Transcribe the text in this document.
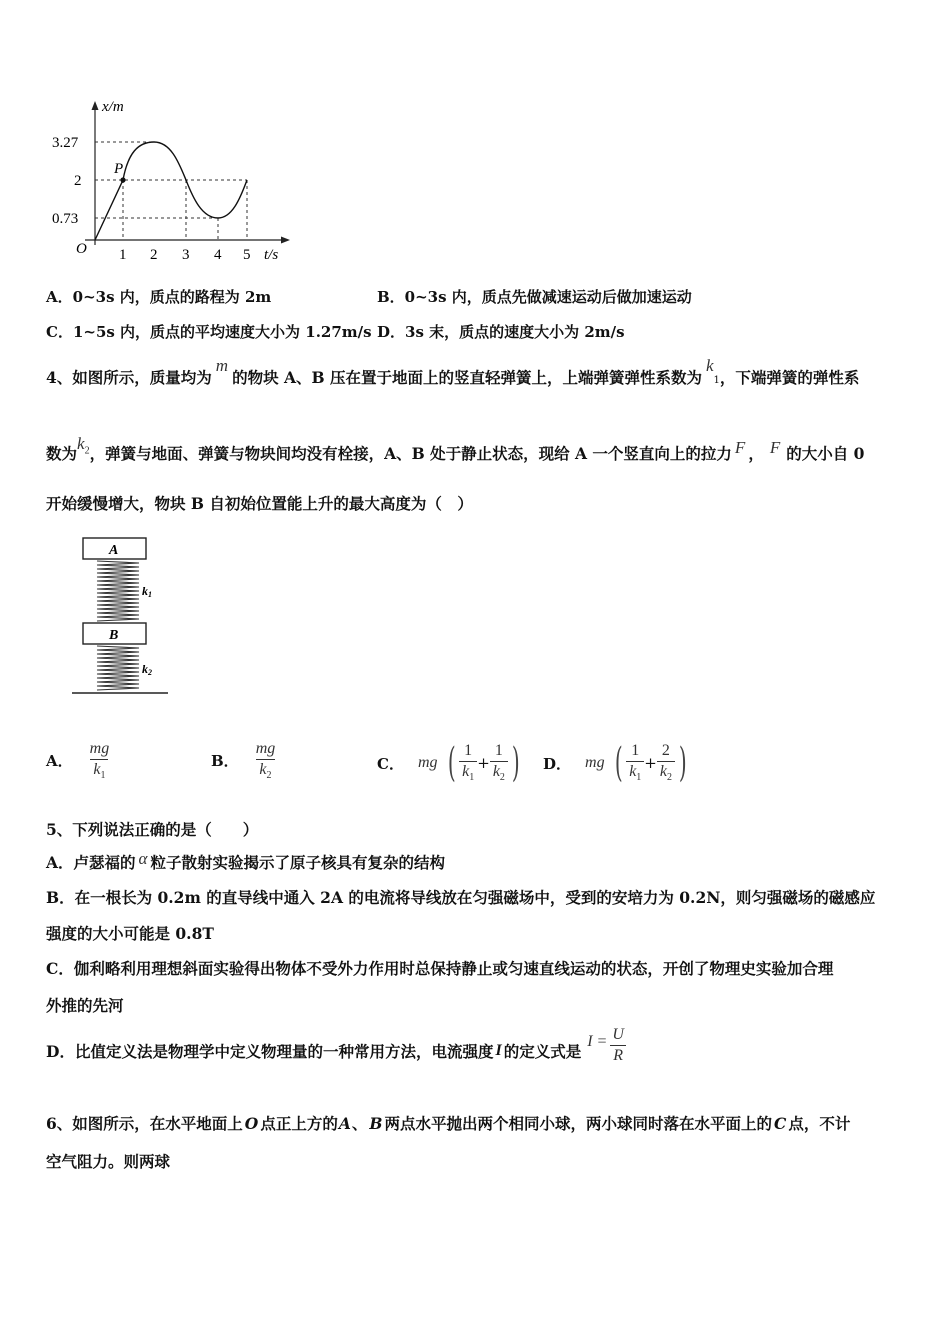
x/m
3.27
2
0.73
O
P
1 2 3 4 5 t/s
A．0~3s 内，质点的路程为 2m	B．0~3s 内，质点先做减速运动后做加速运动
C．1~5s 内，质点的平均速度大小为 1.27m/s D．3s 末，质点的速度大小为 2m/s
4、如图所示，质量均为m的物块 A、B 压在置于地面上的竖直轻弹簧上，上端弹簧弹性系数为k1，下端弹簧的弹性系
数为$k_2$，弹簧与地面、弹簧与物块间均没有栓接，A、B 处于静止状态，现给 A 一个竖直向上的拉力 F ， F 的大小自 0
开始缓慢增大，物块 B 自初始位置能上升的最大高度为（　）
A
k1
B
k2
A． $\frac{mg}{k_1}$	B． $\frac{mg}{k_2}$	C． mg ( $\frac{1}{k_1} + \frac{1}{k_2}$ ) D． mg ( $\frac{1}{k_1} + \frac{2}{k_2}$ )
5、下列说法正确的是（　　）
A．卢瑟福的 α 粒子散射实验揭示了原子核具有复杂的结构
B．在一根长为 0.2m 的直导线中通入 2A 的电流将导线放在匀强磁场中，受到的安培力为 0.2N，则匀强磁场的磁感应
强度的大小可能是 0.8T
C．伽利略利用理想斜面实验得出物体不受外力作用时总保持静止或匀速直线运动的状态，开创了物理史实验加合理
外推的先河
D．比值定义法是物理学中定义物理量的一种常用方法，电流强度 I 的定义式是
$I = \frac{U}{R}$
6、如图所示，在水平地面上 O 点正上方的A、 B 两点水平抛出两个相同小球，两小球同时落在水平面上的 C 点，不计
空气阻力。则两球
